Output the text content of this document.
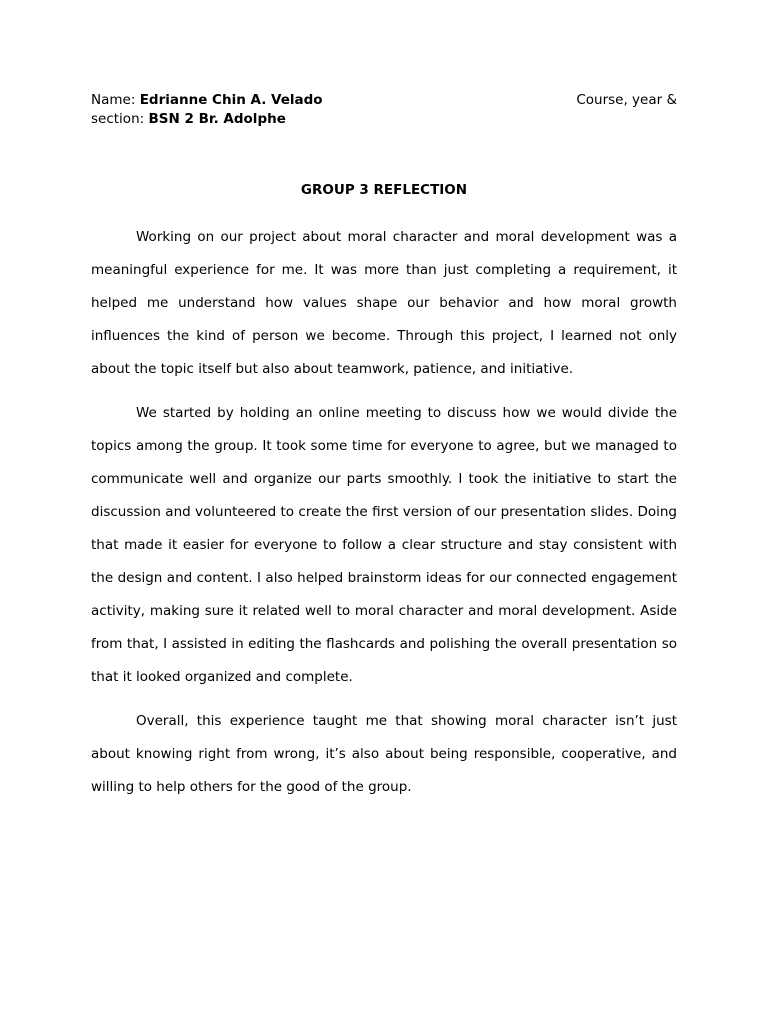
Name: Edrianne Chin A. Velado	Course, year &
section: BSN 2 Br. Adolphe
GROUP 3 REFLECTION

Working on our project about moral character and moral development was a meaningful experience for me. It was more than just completing a requirement, it helped me understand how values shape our behavior and how moral growth influences the kind of person we become. Through this project, I learned not only about the topic itself but also about teamwork, patience, and initiative.

We started by holding an online meeting to discuss how we would divide the topics among the group. It took some time for everyone to agree, but we managed to communicate well and organize our parts smoothly. I took the initiative to start the discussion and volunteered to create the first version of our presentation slides. Doing that made it easier for everyone to follow a clear structure and stay consistent with the design and content. I also helped brainstorm ideas for our connected engagement activity, making sure it related well to moral character and moral development. Aside from that, I assisted in editing the flashcards and polishing the overall presentation so that it looked organized and complete.

Overall, this experience taught me that showing moral character isn’t just about knowing right from wrong, it’s also about being responsible, cooperative, and willing to help others for the good of the group.
